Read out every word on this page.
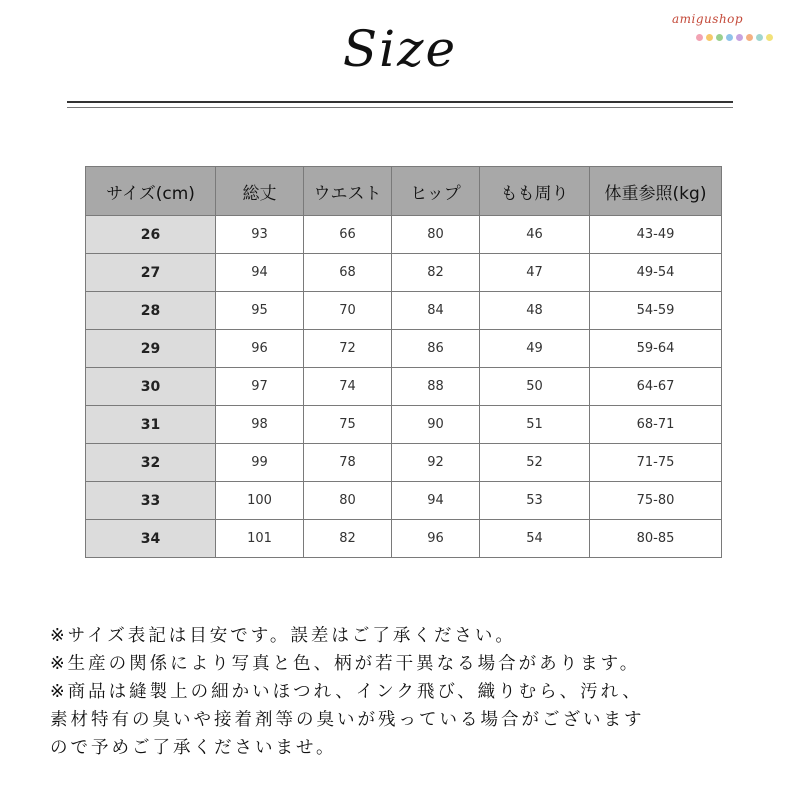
amigushop
Size
サイズ(cm)	総丈	ウエスト	ヒップ	もも周り	体重参照(kg)
26	93	66	80	46	43-49
27	94	68	82	47	49-54
28	95	70	84	48	54-59
29	96	72	86	49	59-64
30	97	74	88	50	64-67
31	98	75	90	51	68-71
32	99	78	92	52	71-75
33	100	80	94	53	75-80
34	101	82	96	54	80-85
※サイズ表記は目安です。誤差はご了承ください。
※生産の関係により写真と色、柄が若干異なる場合があります。
※商品は縫製上の細かいほつれ、インク飛び、織りむら、汚れ、
素材特有の臭いや接着剤等の臭いが残っている場合がございます
ので予めご了承くださいませ。
